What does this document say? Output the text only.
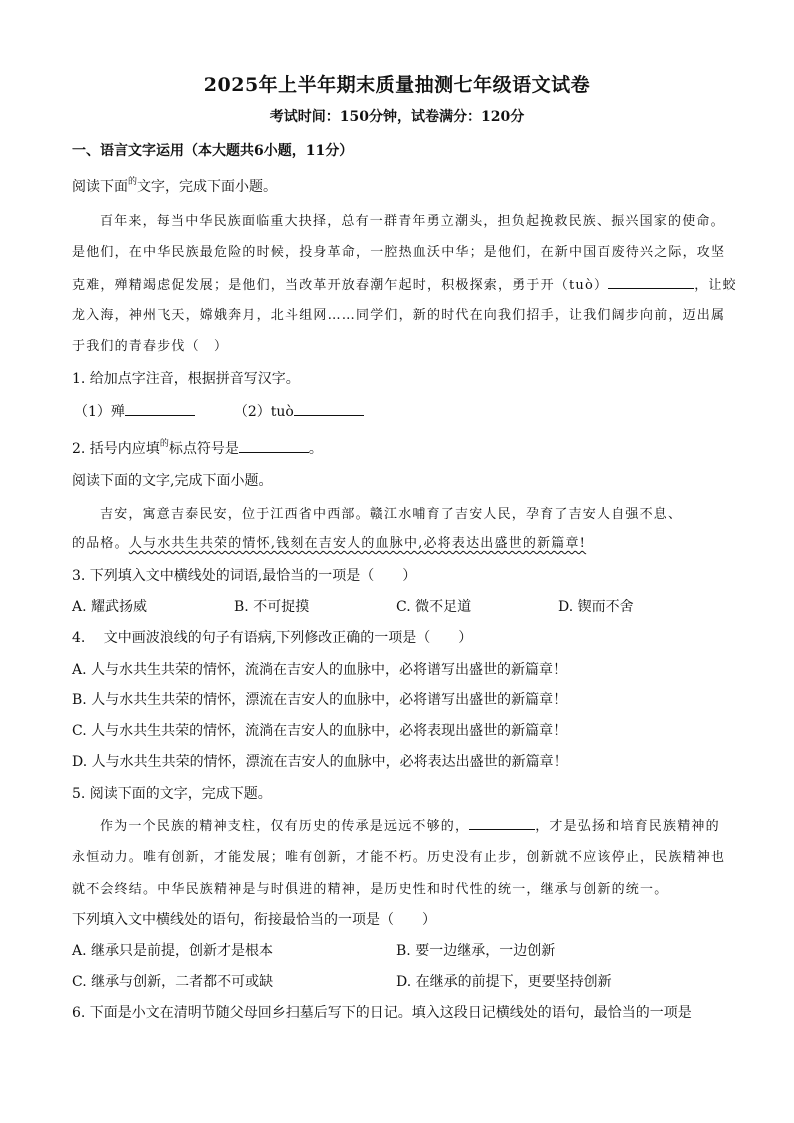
2025年上半年期末质量抽测七年级语文试卷
考试时间：150分钟，试卷满分：120分
一、语言文字运用（本大题共6小题，11分）
阅读下面$^的$文字，完成下面小题。
百年来，每当中华民族面临重大抉择，总有一群青年勇立潮头，担负起挽救民族、振兴国家的使命。
是他们，在中华民族最危险的时候，投身革命，一腔热血沃中华；是他们，在新中国百废待兴之际，攻坚
克难，殚精竭虑促发展；是他们，当改革开放春潮乍起时，积极探索，勇于开（tuò）	，让蛟
龙入海，神州飞天，嫦娥奔月，北斗组网……同学们，新的时代在向我们招手，让我们阔步向前，迈出属
于我们的青春步伐（　）
1. 给加点字注音，根据拼音写汉字。
（1）殚	（2）tuò
2. 括号内应填$^的$标点符号是	。
阅读下面的文字,完成下面小题。
吉安，寓意吉泰民安，位于江西省中西部。赣江水哺育了吉安人民，孕育了吉安人自强不息、
的品格。人与水共生共荣的情怀,钱刻在吉安人的血脉中,必将表达出盛世的新篇章!
3. 下列填入文中横线处的词语,最恰当的一项是（　　）
A. 耀武扬威	B. 不可捉摸	C. 微不足道	D. 锲而不舍
4.　 文中画波浪线的句子有语病,下列修改正确的一项是（　　）
A. 人与水共生共荣的情怀，流淌在吉安人的血脉中，必将谱写出盛世的新篇章！
B. 人与水共生共荣的情怀，漂流在吉安人的血脉中，必将谱写出盛世的新篇章！
C. 人与水共生共荣的情怀，流淌在吉安人的血脉中，必将表现出盛世的新篇章！
D. 人与水共生共荣的情怀，漂流在吉安人的血脉中，必将表达出盛世的新篇章！
5. 阅读下面的文字，完成下题。
作为一个民族的精神支柱，仅有历史的传承是远远不够的，	，才是弘扬和培育民族精神的
永恒动力。唯有创新，才能发展；唯有创新，才能不朽。历史没有止步，创新就不应该停止，民族精神也
就不会终结。中华民族精神是与时俱进的精神，是历史性和时代性的统一，继承与创新的统一。
下列填入文中横线处的语句，衔接最恰当的一项是（　　）
A. 继承只是前提，创新才是根本	B. 要一边继承，一边创新
C. 继承与创新，二者都不可或缺	D. 在继承的前提下，更要坚持创新
6. 下面是小文在清明节随父母回乡扫墓后写下的日记。填入这段日记横线处的语句，最恰当的一项是
